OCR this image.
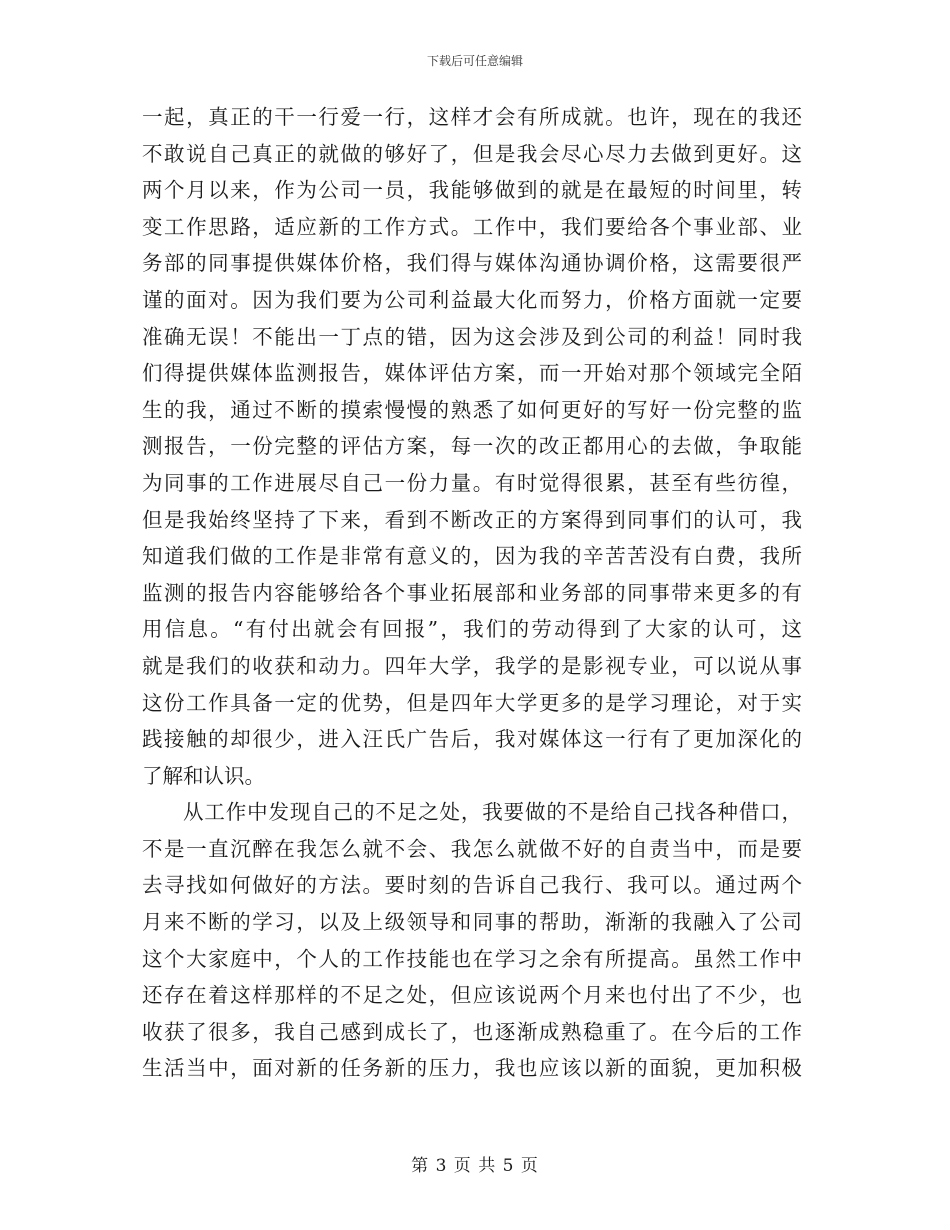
下载后可任意编辑
一起，真正的干一行爱一行，这样才会有所成就。也许，现在的我还
不敢说自己真正的就做的够好了，但是我会尽心尽力去做到更好。这
两个月以来，作为公司一员，我能够做到的就是在最短的时间里，转
变工作思路，适应新的工作方式。工作中，我们要给各个事业部、业
务部的同事提供媒体价格，我们得与媒体沟通协调价格，这需要很严
谨的面对。因为我们要为公司利益最大化而努力，价格方面就一定要
准确无误！不能出一丁点的错，因为这会涉及到公司的利益！同时我
们得提供媒体监测报告，媒体评估方案，而一开始对那个领域完全陌
生的我，通过不断的摸索慢慢的熟悉了如何更好的写好一份完整的监
测报告，一份完整的评估方案，每一次的改正都用心的去做，争取能
为同事的工作进展尽自己一份力量。有时觉得很累，甚至有些彷徨，
但是我始终坚持了下来，看到不断改正的方案得到同事们的认可，我
知道我们做的工作是非常有意义的，因为我的辛苦苦没有白费，我所
监测的报告内容能够给各个事业拓展部和业务部的同事带来更多的有
用信息。“有付出就会有回报”，我们的劳动得到了大家的认可，这
就是我们的收获和动力。四年大学，我学的是影视专业，可以说从事
这份工作具备一定的优势，但是四年大学更多的是学习理论，对于实
践接触的却很少，进入汪氏广告后，我对媒体这一行有了更加深化的
了解和认识。
从工作中发现自己的不足之处，我要做的不是给自己找各种借口，
不是一直沉醉在我怎么就不会、我怎么就做不好的自责当中，而是要
去寻找如何做好的方法。要时刻的告诉自己我行、我可以。通过两个
月来不断的学习，以及上级领导和同事的帮助，渐渐的我融入了公司
这个大家庭中，个人的工作技能也在学习之余有所提高。虽然工作中
还存在着这样那样的不足之处，但应该说两个月来也付出了不少，也
收获了很多，我自己感到成长了，也逐渐成熟稳重了。在今后的工作
生活当中，面对新的任务新的压力，我也应该以新的面貌，更加积极
第 3 页 共 5 页
